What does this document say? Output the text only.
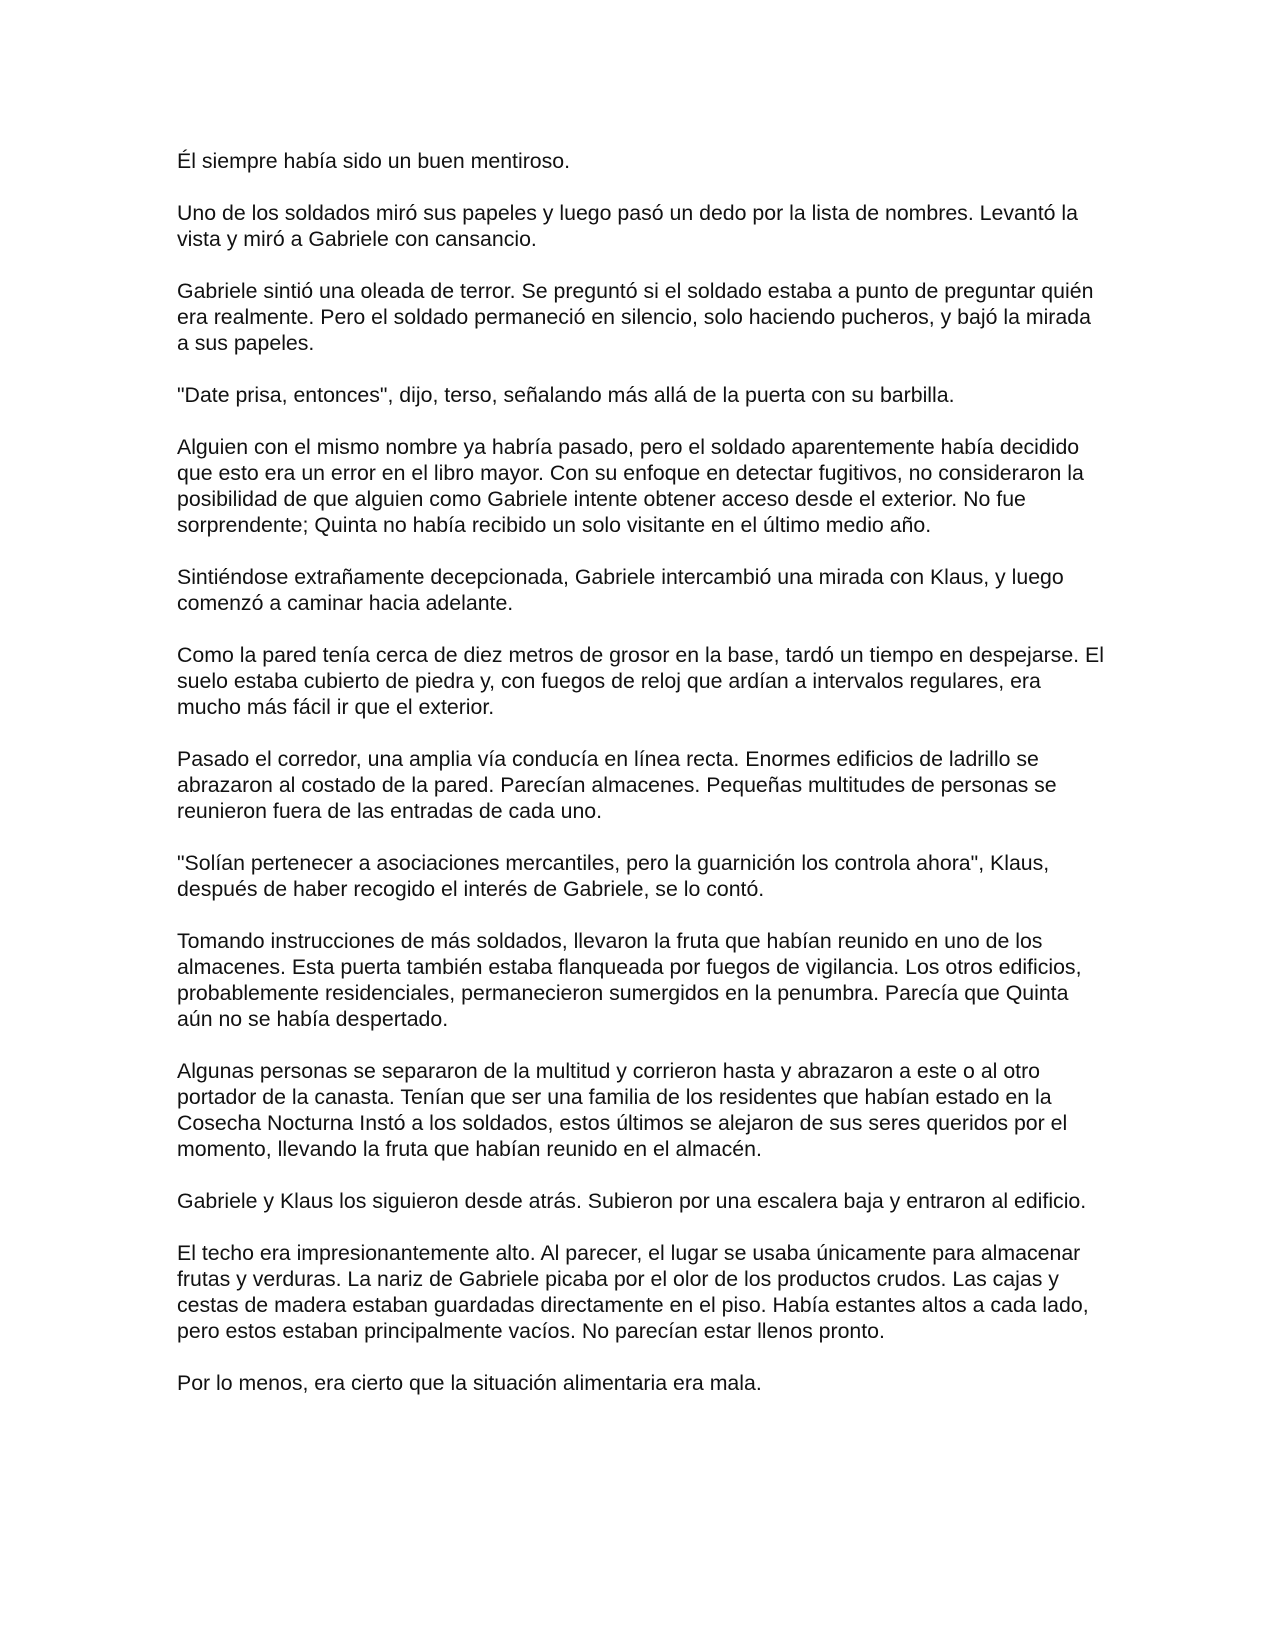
Él siempre había sido un buen mentiroso.

Uno de los soldados miró sus papeles y luego pasó un dedo por la lista de nombres. Levantó la vista y miró a Gabriele con cansancio.

Gabriele sintió una oleada de terror. Se preguntó si el soldado estaba a punto de preguntar quién era realmente. Pero el soldado permaneció en silencio, solo haciendo pucheros, y bajó la mirada a sus papeles.

"Date prisa, entonces", dijo, terso, señalando más allá de la puerta con su barbilla.

Alguien con el mismo nombre ya habría pasado, pero el soldado aparentemente había decidido que esto era un error en el libro mayor. Con su enfoque en detectar fugitivos, no consideraron la posibilidad de que alguien como Gabriele intente obtener acceso desde el exterior. No fue sorprendente; Quinta no había recibido un solo visitante en el último medio año.

Sintiéndose extrañamente decepcionada, Gabriele intercambió una mirada con Klaus, y luego comenzó a caminar hacia adelante.

Como la pared tenía cerca de diez metros de grosor en la base, tardó un tiempo en despejarse. El suelo estaba cubierto de piedra y, con fuegos de reloj que ardían a intervalos regulares, era mucho más fácil ir que el exterior.

Pasado el corredor, una amplia vía conducía en línea recta. Enormes edificios de ladrillo se abrazaron al costado de la pared. Parecían almacenes. Pequeñas multitudes de personas se reunieron fuera de las entradas de cada uno.

"Solían pertenecer a asociaciones mercantiles, pero la guarnición los controla ahora", Klaus, después de haber recogido el interés de Gabriele, se lo contó.

Tomando instrucciones de más soldados, llevaron la fruta que habían reunido en uno de los almacenes. Esta puerta también estaba flanqueada por fuegos de vigilancia. Los otros edificios, probablemente residenciales, permanecieron sumergidos en la penumbra. Parecía que Quinta aún no se había despertado.

Algunas personas se separaron de la multitud y corrieron hasta y abrazaron a este o al otro portador de la canasta. Tenían que ser una familia de los residentes que habían estado en la Cosecha Nocturna Instó a los soldados, estos últimos se alejaron de sus seres queridos por el momento, llevando la fruta que habían reunido en el almacén.

Gabriele y Klaus los siguieron desde atrás. Subieron por una escalera baja y entraron al edificio.

El techo era impresionantemente alto. Al parecer, el lugar se usaba únicamente para almacenar frutas y verduras. La nariz de Gabriele picaba por el olor de los productos crudos. Las cajas y cestas de madera estaban guardadas directamente en el piso. Había estantes altos a cada lado, pero estos estaban principalmente vacíos. No parecían estar llenos pronto.

Por lo menos, era cierto que la situación alimentaria era mala.
